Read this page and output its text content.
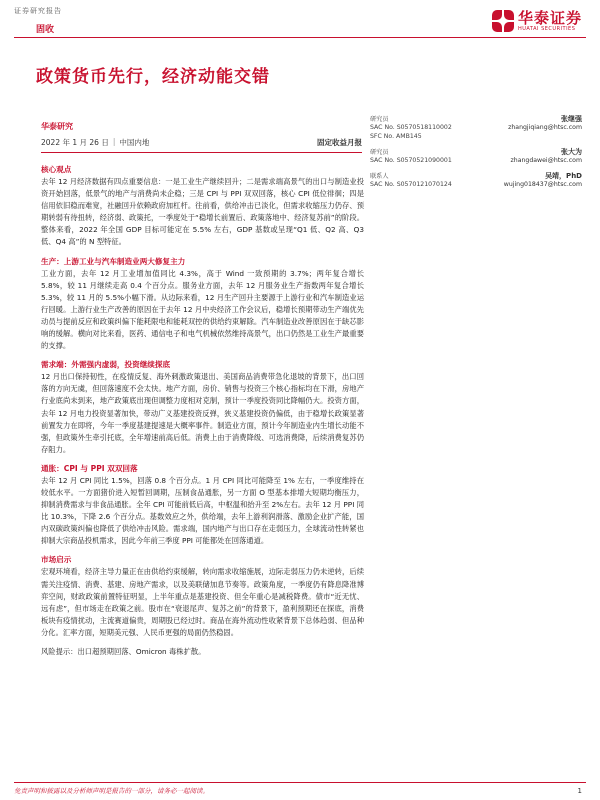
证券研究报告	华泰证券
HUATAI SECURITIES
固收
政策货币先行，经济动能交错
华泰研究
2022 年 1 月 26 日 | 中国内地	固定收益月报
研究员	张继强
SAC No. S0570518110002	zhangjiqiang@htsc.com
SFC No. AMB145
研究员	张大为
SAC No. S0570521090001	zhangdawei@htsc.com
联系人	吴靖，PhD
SAC No. S0570121070124	wujing018437@htsc.com
核心观点
去年 12 月经济数据有四点重要信息：一是工业生产继续回升；二是需求端高景气的出口与制造业投资开始回落，低景气的地产与消费尚未企稳；三是 CPI 与 PPI 双双回落，核心 CPI 低位徘徊；四是信用依旧稳而难宽，社融回升依赖政府加杠杆。往前看，供给冲击已淡化，但需求收缩压力仍存、预期转弱有待扭转，经济弱、政策托，一季度处于“稳增长前置后、政策落地中、经济复苏前”的阶段。整体来看，2022 年全国 GDP 目标可能定在 5.5% 左右，GDP 基数或呈现“Q1 低、Q2 高、Q3 低、Q4 高”的 N 型特征。
生产：上游工业与汽车制造业两大修复主力
工业方面，去年 12 月工业增加值同比 4.3%，高于 Wind 一致预期的 3.7%；两年复合增长 5.8%，较 11 月继续走高 0.4 个百分点。服务业方面，去年 12 月服务业生产指数两年复合增长 5.3%，较 11 月的 5.5%小幅下滑。从边际来看，12 月生产回升主要源于上游行业和汽车制造业运行回暖。上游行业生产改善的原因在于去年 12 月中央经济工作会议后，稳增长预期带动生产端优先动员与提前反应和政策纠偏下能耗限电和能耗双控的供给约束解除。汽车制造业改善原因在于缺芯影响的缓解。横向对比来看，医药、通信电子和电气机械依然维持高景气，出口仍然是工业生产最重要的支撑。
需求端：外需强内虚弱，投资继续探底
12 月出口保持韧性，在疫情反复、海外刺激政策退出、美国商品消费带急化退坡的背景下，出口回落的方向无虞，但回落速度不会太快。地产方面，房价、销售与投资三个核心指标均在下滑，房地产行业底尚未到来，地产政策底出现但调整力度相对克制，预计一季度投资同比降幅仍大。投资方面，去年 12 月电力投资显著加快，带动广义基建投资反弹，狭义基建投资仍偏低，由于稳增长政策显著前置发力在即将，今年一季度基建提速是大概率事件。制造业方面，预计今年制造业内生增长动能不强，但政策外生牵引托底，全年增速前高后低。消费上由于消费降级、可选消费降，后续消费复苏仍存阻力。
通胀：CPI 与 PPI 双双回落
去年 12 月 CPI 同比 1.5%，回落 0.8 个百分点。1 月 CPI 同比可能降至 1% 左右，一季度维持在较低水平。一方面猪价进入短暂回调期，压制食品通胀，另一方面 O 型基本排增大短期均衡压力，抑制消费需求与非食品通胀。全年 CPI 可能前低后高，中枢温和抬升至 2%左右。去年 12 月 PPI 同比 10.3%，下降 2.6 个百分点。基数效应之外，供给端，去年上游利润滑落、激励企业扩产能，国内双碳政策纠偏也降低了供给冲击风险。需求端，国内地产与出口存在走弱压力，全球流动性转紧也抑制大宗商品投机需求，因此今年前三季度 PPI 可能都处在回落通道。
市场启示
宏观环境看，经济主导力量正在由供给约束缓解，转向需求收缩施展，边际走弱压力仍未逆转，后续需关注疫情、消费、基建、房地产需求，以及美联储加息节奏等。政策角度，一季度仍有降息降准博弈空间，财政政策前置特征明显，上半年重点是基建投资、但全年重心是减税降费。债市“近无忧、远有虑”，但市场走在政策之前。股市在“衰退尾声、复苏之前”的背景下，盈利预期还在探底，消费板块有疫情扰动，主流赛道偏贵，周期股已经过时。商品在海外流动性收紧背景下总体趋弱、但品种分化。汇率方面，短期美元强、人民币更强的局面仍然稳固。
风险提示：出口超预期回落、Omicron 毒株扩散。
免责声明和披露以及分析师声明是报告的一部分，请务必一起阅读。	1
